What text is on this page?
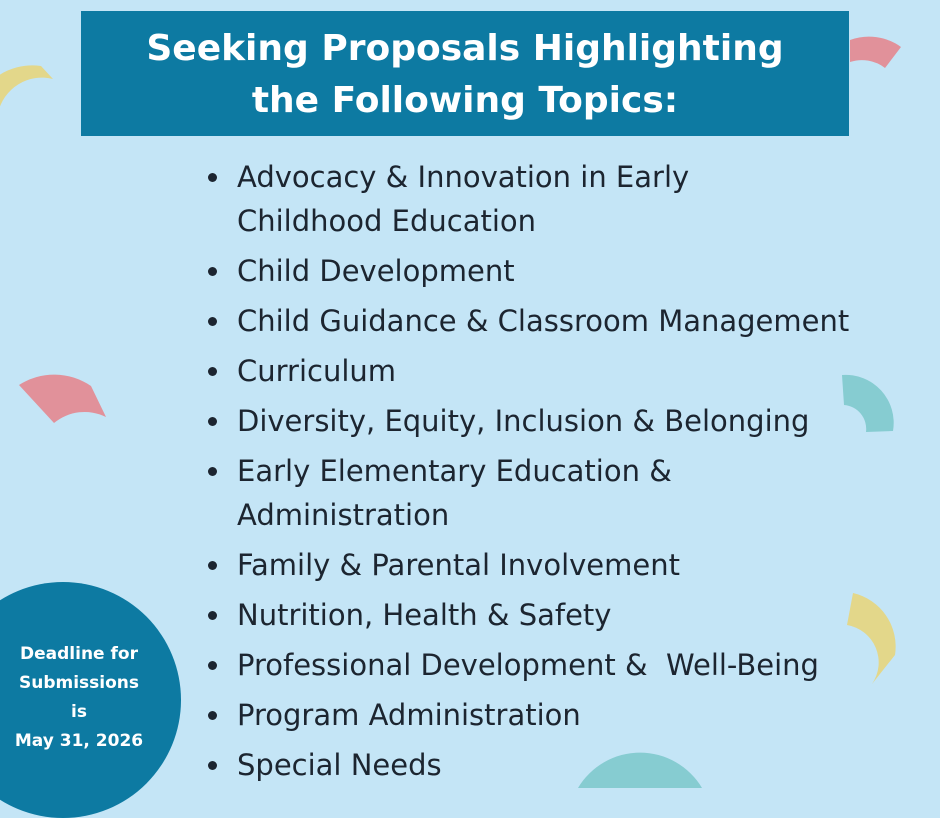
Seeking Proposals Highlighting
the Following Topics:
Advocacy & Innovation in Early
Childhood Education
Child Development
Child Guidance & Classroom Management
Curriculum
Diversity, Equity, Inclusion & Belonging
Early Elementary Education &
Administration
Family & Parental Involvement
Nutrition, Health & Safety
Professional Development &  Well-Being
Program Administration
Special Needs
Deadline for
Submissions
is
May 31, 2026
